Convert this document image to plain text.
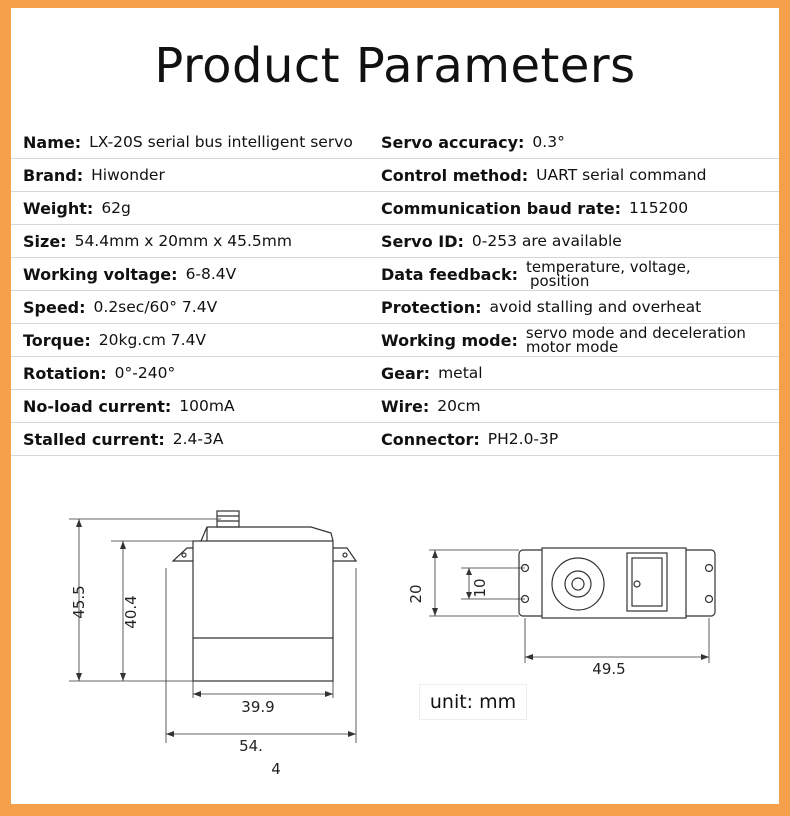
Product Parameters
Name: LX-20S serial bus intelligent servo Servo accuracy: 0.3°
Brand: Hiwonder	Control method: UART serial command
Weight: 62g	Communication baud rate: 115200
Size: 54.4mm x 20mm x 45.5mm	Servo ID: 0-253 are available
Working voltage: 6-8.4V	Data feedback: temperature, voltage,
position
Speed: 0.2sec/60° 7.4V	Protection: avoid stalling and overheat
Torque: 20kg.cm 7.4V	Working mode: servo mode and deceleration
motor mode
Rotation: 0°-240°	Gear: metal
No-load current: 100mA	Wire: 20cm
Stalled current: 2.4-3A	Connector: PH2.0-3P
45.5 40.4
39.9
54.
20	10
49.5
unit: mm
4
